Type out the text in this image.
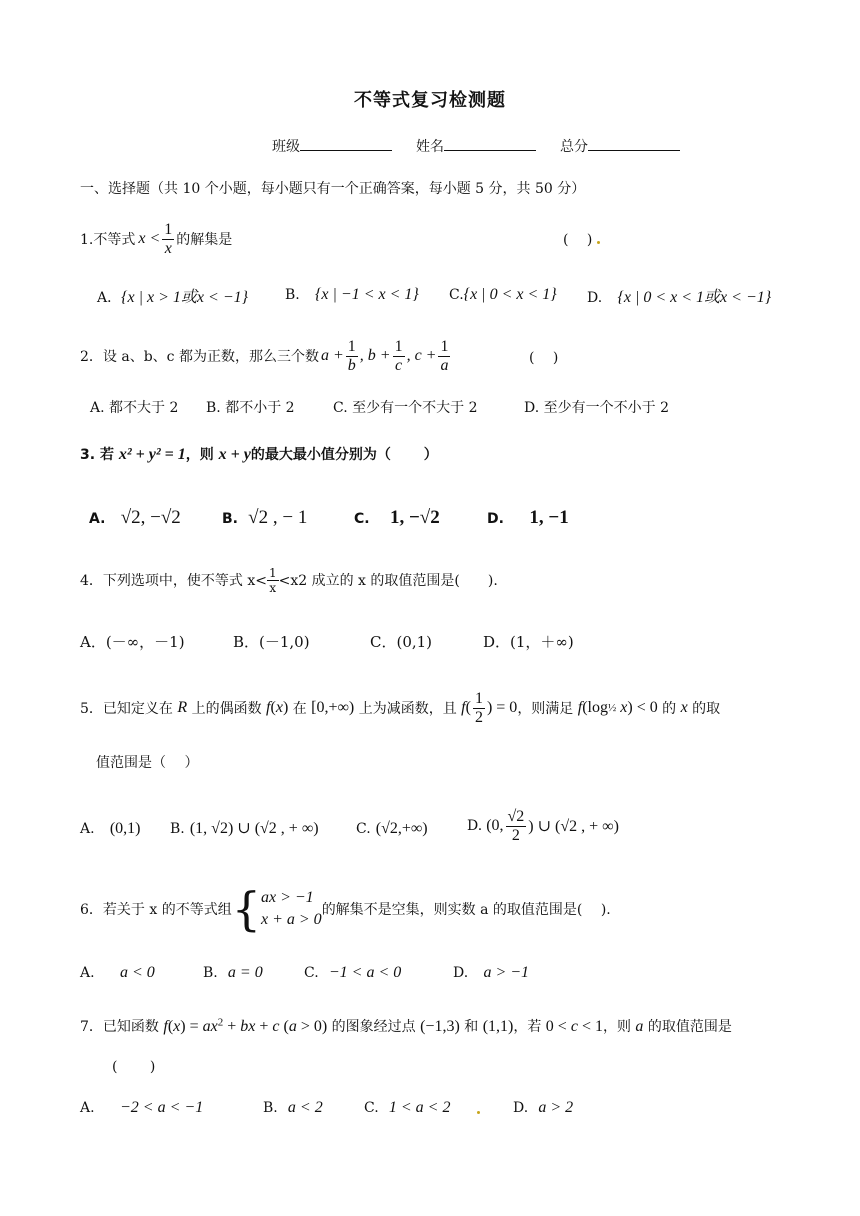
不等式复习检测题
班级	姓名	总分
一、选择题（共 10 个小题，每小题只有一个正确答案，每小题 5 分，共 50 分）
1.不等式 $x < \frac{1}{x}$ 的解集是	(　 )
A．{x | x > 1或x < −1}	B. {x | −1 < x < 1} C.{x | 0 < x < 1} D. {x | 0 < x < 1或x < −1}
2．设 a、b、c 都为正数，那么三个数 $a + \frac{1}{b}$ , $b + \frac{1}{c}$ , $c + \frac{1}{a}$	(　 )
A. 都不大于 2 B. 都不小于 2	C. 至少有一个不大于 2	D. 至少有一个不小于 2
3. 若 x² + y² = 1，则 x + y的最大最小值分别为（　 　）
A. √2, −√2	B. √2 , − 1	C. 1, −√2	D. 1, −1
4．下列选项中，使不等式 $x< \frac{1}{x} <x2$ 成立的 x 的取值范围是(　　).
A．(－∞，－1)	B．(－1,0)	C．(0,1)	D．(1，＋∞)
5．已知定义在 R 上的偶函数 f ( x ) 在 [0,+∞) 上为减函数，且 f ( $\frac{1}{2}$ ) = 0 ，则满足 f (log ½ x ) < 0 的 x 的取
值范围是（　 ）
A. (0,1) B. (1, √2) ∪ (√2 , + ∞)	C. (√2,+∞)	D. (0, $\frac{√2}{2}$ ) ∪ (√2 , + ∞)
6．若关于 x 的不等式组 { ax > −1
x + a > 0
的解集不是空集，则实数 a 的取值范围是(　 ).
A. a < 0	B. a = 0	C. −1 < a < 0	D. a > −1
7．已知函数 $f(x) = ax^2$ + bx + c (a > 0) 的图象经过点 (−1,3) 和 (1,1)，若 0 < c < 1，则 a 的取值范围是
(　　 )
A. −2 < a < −1	B. a < 2	C. 1 < a < 2	D. a > 2
